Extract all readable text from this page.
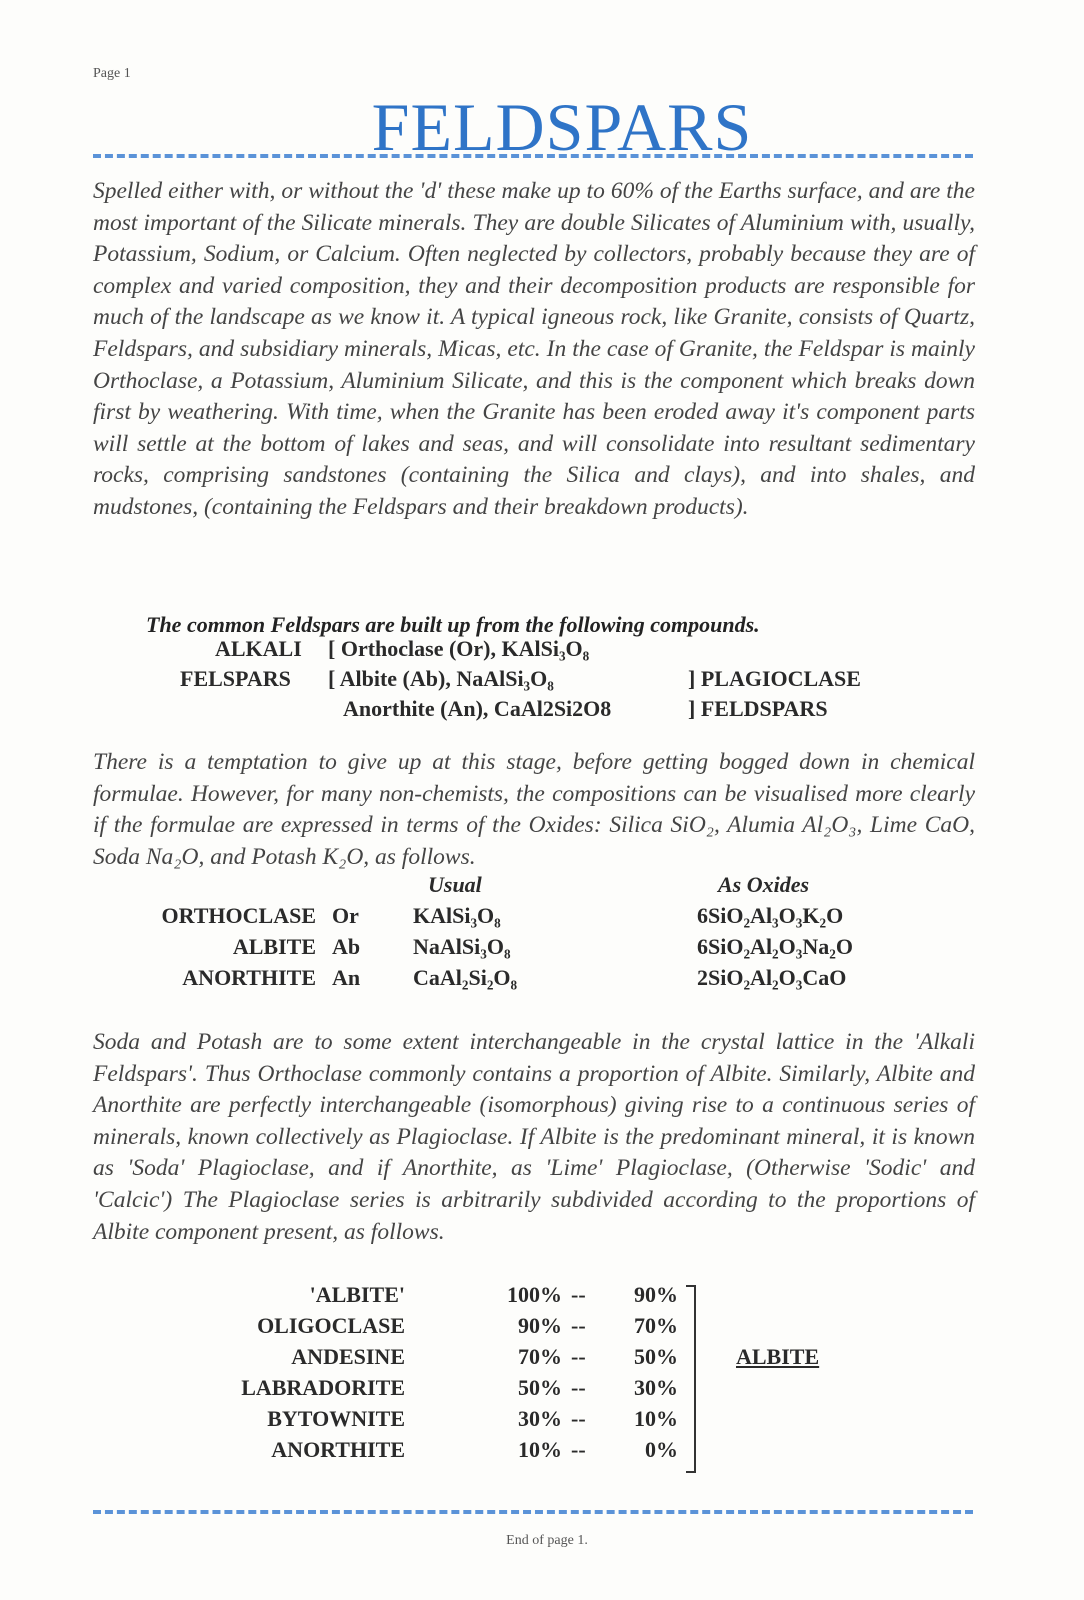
Page 1
FELDSPARS

Spelled either with, or without the 'd' these make up to 60% of the Earths surface, and are the most important of the Silicate minerals. They are double Silicates of Aluminium with, usually, Potassium, Sodium, or Calcium. Often neglected by collectors, probably because they are of complex and varied composition, they and their decomposition products are responsible for much of the landscape as we know it. A typical igneous rock, like Granite, consists of Quartz, Feldspars, and subsidiary minerals, Micas, etc. In the case of Granite, the Feldspar is mainly Orthoclase, a Potassium, Aluminium Silicate, and this is the component which breaks down first by weathering. With time, when the Granite has been eroded away it's component parts will settle at the bottom of lakes and seas, and will consolidate into resultant sedimentary rocks, comprising sandstones (containing the Silica and clays), and into shales, and mudstones, (containing the Feldspars and their breakdown products).

The common Feldspars are built up from the following compounds.
ALKALI [ Orthoclase (Or), KAlSi₃O₈
FELSPARS [ Albite (Ab), NaAlSi₃O₈	] PLAGIOCLASE
Anorthite (An), CaAl2Si2O8	] FELDSPARS

There is a temptation to give up at this stage, before getting bogged down in chemical formulae. However, for many non-chemists, the compositions can be visualised more clearly if the formulae are expressed in terms of the Oxides: Silica SiO₂, Alumia Al₂O₃, Lime CaO, Soda Na₂O, and Potash K₂O, as follows.

Usual	As Oxides
ORTHOCLASE Or KAlSi₃O₈	6SiO₂Al₃O₃K₂O
ALBITE Ab NaAlSi₃O₈	6SiO₂Al₂O₃Na₂O
ANORTHITE An CaAl₂Si₂O₈	2SiO₂Al₂O₃CaO

Soda and Potash are to some extent interchangeable in the crystal lattice in the 'Alkali Feldspars'. Thus Orthoclase commonly contains a proportion of Albite. Similarly, Albite and Anorthite are perfectly interchangeable (isomorphous) giving rise to a continuous series of minerals, known collectively as Plagioclase. If Albite is the predominant mineral, it is known as 'Soda' Plagioclase, and if Anorthite, as 'Lime' Plagioclase, (Otherwise 'Sodic' and 'Calcic') The Plagioclase series is arbitrarily subdivided according to the proportions of Albite component present, as follows.

'ALBITE'	100% -- 90%
OLIGOCLASE	90% -- 70%
ANDESINE	70% -- 50%
LABRADORITE	50% -- 30%
BYTOWNITE	30% -- 10%
ANORTHITE	10% --	0%
ALBITE
End of page 1.
